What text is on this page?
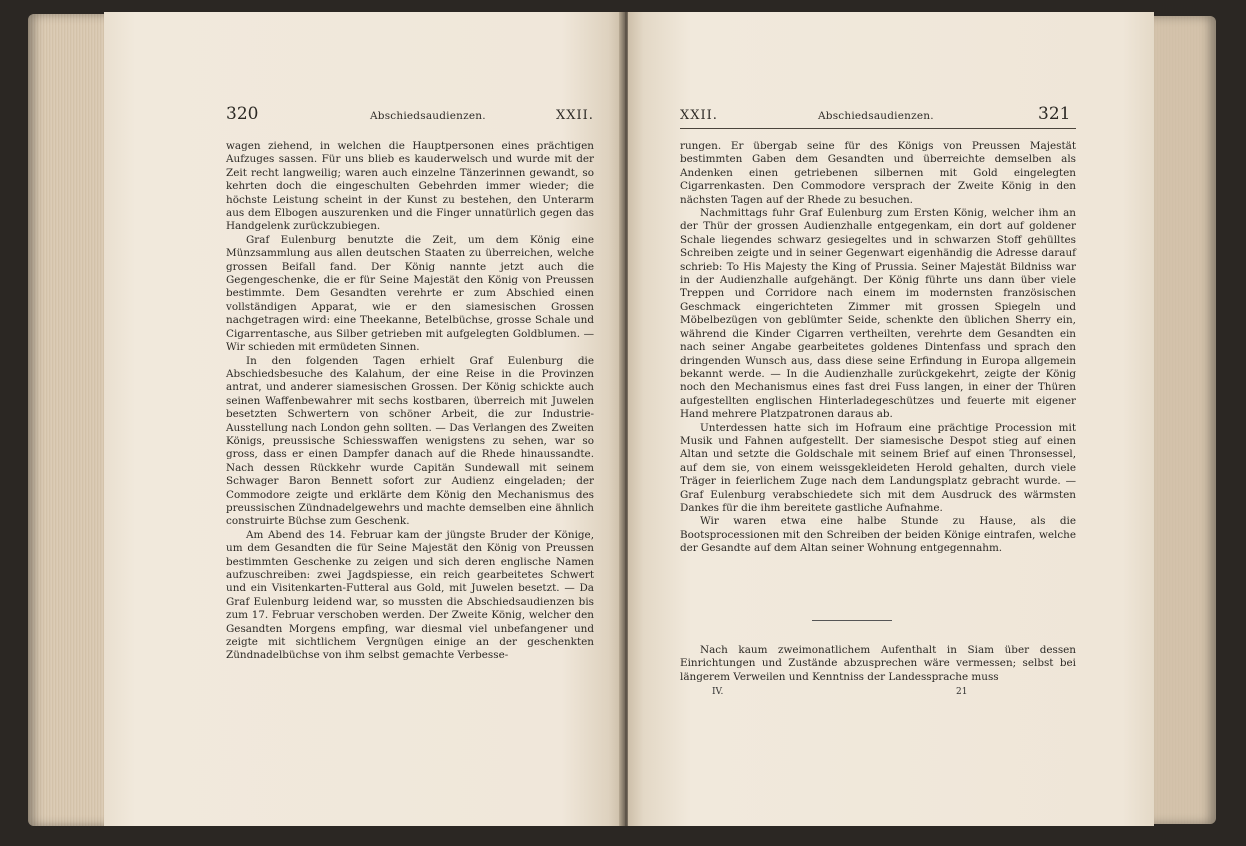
320	Abschiedsaudienzen.	XXII.

wagen ziehend, in welchen die Hauptpersonen eines prächtigen Aufzuges sassen. Für uns blieb es kauderwelsch und wurde mit der Zeit recht langweilig; waren auch einzelne Tänzerinnen gewandt, so kehrten doch die eingeschulten Gebehrden immer wieder; die höchste Leistung scheint in der Kunst zu bestehen, den Unterarm aus dem Elbogen auszurenken und die Finger unnatürlich gegen das Handgelenk zurückzubiegen.

Graf Eulenburg benutzte die Zeit, um dem König eine Münzsammlung aus allen deutschen Staaten zu überreichen, welche grossen Beifall fand. Der König nannte jetzt auch die Gegengeschenke, die er für Seine Majestät den König von Preussen bestimmte. Dem Gesandten verehrte er zum Abschied einen vollständigen Apparat, wie er den siamesischen Grossen nachgetragen wird: eine Theekanne, Betelbüchse, grosse Schale und Cigarrentasche, aus Silber getrieben mit aufgelegten Goldblumen. — Wir schieden mit ermüdeten Sinnen.

In den folgenden Tagen erhielt Graf Eulenburg die Abschiedsbesuche des Kalahum, der eine Reise in die Provinzen antrat, und anderer siamesischen Grossen. Der König schickte auch seinen Waffenbewahrer mit sechs kostbaren, überreich mit Juwelen besetzten Schwertern von schöner Arbeit, die zur Industrie-Ausstellung nach London gehn sollten. — Das Verlangen des Zweiten Königs, preussische Schiesswaffen wenigstens zu sehen, war so gross, dass er einen Dampfer danach auf die Rhede hinaussandte. Nach dessen Rückkehr wurde Capitän Sundewall mit seinem Schwager Baron Bennett sofort zur Audienz eingeladen; der Commodore zeigte und erklärte dem König den Mechanismus des preussischen Zündnadelgewehrs und machte demselben eine ähnlich construirte Büchse zum Geschenk.

Am Abend des 14. Februar kam der jüngste Bruder der Könige, um dem Gesandten die für Seine Majestät den König von Preussen bestimmten Geschenke zu zeigen und sich deren englische Namen aufzuschreiben: zwei Jagdspiesse, ein reich gearbeitetes Schwert und ein Visitenkarten-Futteral aus Gold, mit Juwelen besetzt. — Da Graf Eulenburg leidend war, so mussten die Abschiedsaudienzen bis zum 17. Februar verschoben werden. Der Zweite König, welcher den Gesandten Morgens empfing, war diesmal viel unbefangener und zeigte mit sichtlichem Vergnügen einige an der geschenkten Zündnadelbüchse von ihm selbst gemachte Verbesse-

XXII.	Abschiedsaudienzen.	321

rungen. Er übergab seine für des Königs von Preussen Majestät bestimmten Gaben dem Gesandten und überreichte demselben als Andenken einen getriebenen silbernen mit Gold eingelegten Cigarrenkasten. Den Commodore versprach der Zweite König in den nächsten Tagen auf der Rhede zu besuchen.

Nachmittags fuhr Graf Eulenburg zum Ersten König, welcher ihm an der Thür der grossen Audienzhalle entgegenkam, ein dort auf goldener Schale liegendes schwarz gesiegeltes und in schwarzen Stoff gehülltes Schreiben zeigte und in seiner Gegenwart eigenhändig die Adresse darauf schrieb: To His Majesty the King of Prussia. Seiner Majestät Bildniss war in der Audienzhalle aufgehängt. Der König führte uns dann über viele Treppen und Corridore nach einem im modernsten französischen Geschmack eingerichteten Zimmer mit grossen Spiegeln und Möbelbezügen von geblümter Seide, schenkte den üblichen Sherry ein, während die Kinder Cigarren vertheilten, verehrte dem Gesandten ein nach seiner Angabe gearbeitetes goldenes Dintenfass und sprach den dringenden Wunsch aus, dass diese seine Erfindung in Europa allgemein bekannt werde. — In die Audienzhalle zurückgekehrt, zeigte der König noch den Mechanismus eines fast drei Fuss langen, in einer der Thüren aufgestellten englischen Hinterladegeschützes und feuerte mit eigener Hand mehrere Platzpatronen daraus ab.

Unterdessen hatte sich im Hofraum eine prächtige Procession mit Musik und Fahnen aufgestellt. Der siamesische Despot stieg auf einen Altan und setzte die Goldschale mit seinem Brief auf einen Thronsessel, auf dem sie, von einem weissgekleideten Herold gehalten, durch viele Träger in feierlichem Zuge nach dem Landungsplatz gebracht wurde. — Graf Eulenburg verabschiedete sich mit dem Ausdruck des wärmsten Dankes für die ihm bereitete gastliche Aufnahme.

Wir waren etwa eine halbe Stunde zu Hause, als die Bootsprocessionen mit den Schreiben der beiden Könige eintrafen, welche der Gesandte auf dem Altan seiner Wohnung entgegennahm.

Nach kaum zweimonatlichem Aufenthalt in Siam über dessen Einrichtungen und Zustände abzusprechen wäre vermessen; selbst bei längerem Verweilen und Kenntniss der Landessprache muss

IV.	21
